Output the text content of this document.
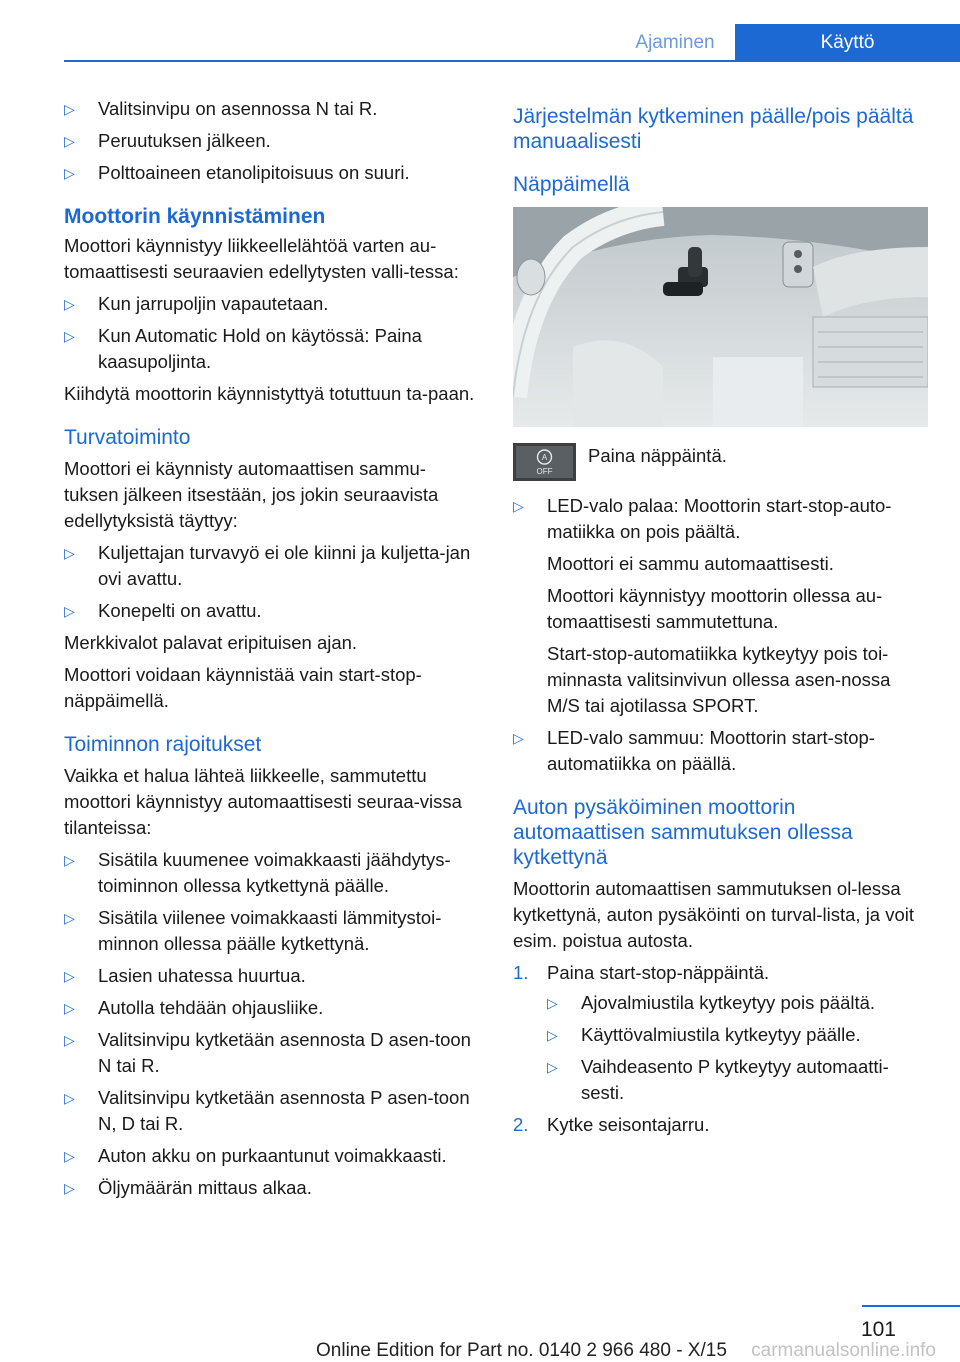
Ajaminen	Käyttö
▷ Valitsinvipu on asennossa N tai R.
▷ Peruutuksen jälkeen.
▷ Polttoaineen etanolipitoisuus on suuri.
Moottorin käynnistäminen

Moottori käynnistyy liikkeellelähtöä varten au-tomaattisesti seuraavien edellytysten valli-tessa:

▷ Kun jarrupoljin vapautetaan.
▷ Kun Automatic Hold on käytössä: Paina kaasupoljinta.

Kiihdytä moottorin käynnistyttyä totuttuun ta-paan.

Turvatoiminto

Moottori ei käynnisty automaattisen sammu-tuksen jälkeen itsestään, jos jokin seuraavista edellytyksistä täyttyy:

▷ Kuljettajan turvavyö ei ole kiinni ja kuljetta-jan ovi avattu.
▷ Konepelti on avattu.

Merkkivalot palavat eripituisen ajan.

Moottori voidaan käynnistää vain start-stop-näppäimellä.

Toiminnon rajoitukset

Vaikka et halua lähteä liikkeelle, sammutettu moottori käynnistyy automaattisesti seuraa-vissa tilanteissa:

▷ Sisätila kuumenee voimakkaasti jäähdytys-toiminnon ollessa kytkettynä päälle.
▷ Sisätila viilenee voimakkaasti lämmitystoi-minnon ollessa päälle kytkettynä.
▷ Lasien uhatessa huurtua.
▷ Autolla tehdään ohjausliike.
▷ Valitsinvipu kytketään asennosta D asen-toon N tai R.
▷ Valitsinvipu kytketään asennosta P asen-toon N, D tai R.
▷ Auton akku on purkaantunut voimakkaasti.
▷ Öljymäärän mittaus alkaa.
Järjestelmän kytkeminen päälle/pois päältä manuaalisesti
Näppäimellä
A
OFF
Paina näppäintä.
▷ LED-valo palaa: Moottorin start-stop-auto-matiikka on pois päältä.

Moottori ei sammu automaattisesti.

Moottori käynnistyy moottorin ollessa au-tomaattisesti sammutettuna.

Start-stop-automatiikka kytkeytyy pois toi-minnasta valitsinvivun ollessa asen-nossa M/S tai ajotilassa SPORT.

▷ LED-valo sammuu: Moottorin start-stop-automatiikka on päällä.
Auton pysäköiminen moottorin automaattisen sammutuksen ollessa kytkettynä

Moottorin automaattisen sammutuksen ol-lessa kytkettynä, auton pysäköinti on turval-lista, ja voit esim. poistua autosta.

1. Paina start-stop-näppäintä.
▷ Ajovalmiustila kytkeytyy pois päältä.
▷ Käyttövalmiustila kytkeytyy päälle.
▷ Vaihdeasento P kytkeytyy automaatti-sesti.
2. Kytke seisontajarru.
101
Online Edition for Part no. 0140 2 966 480 - X/15 carmanualsonline.info
